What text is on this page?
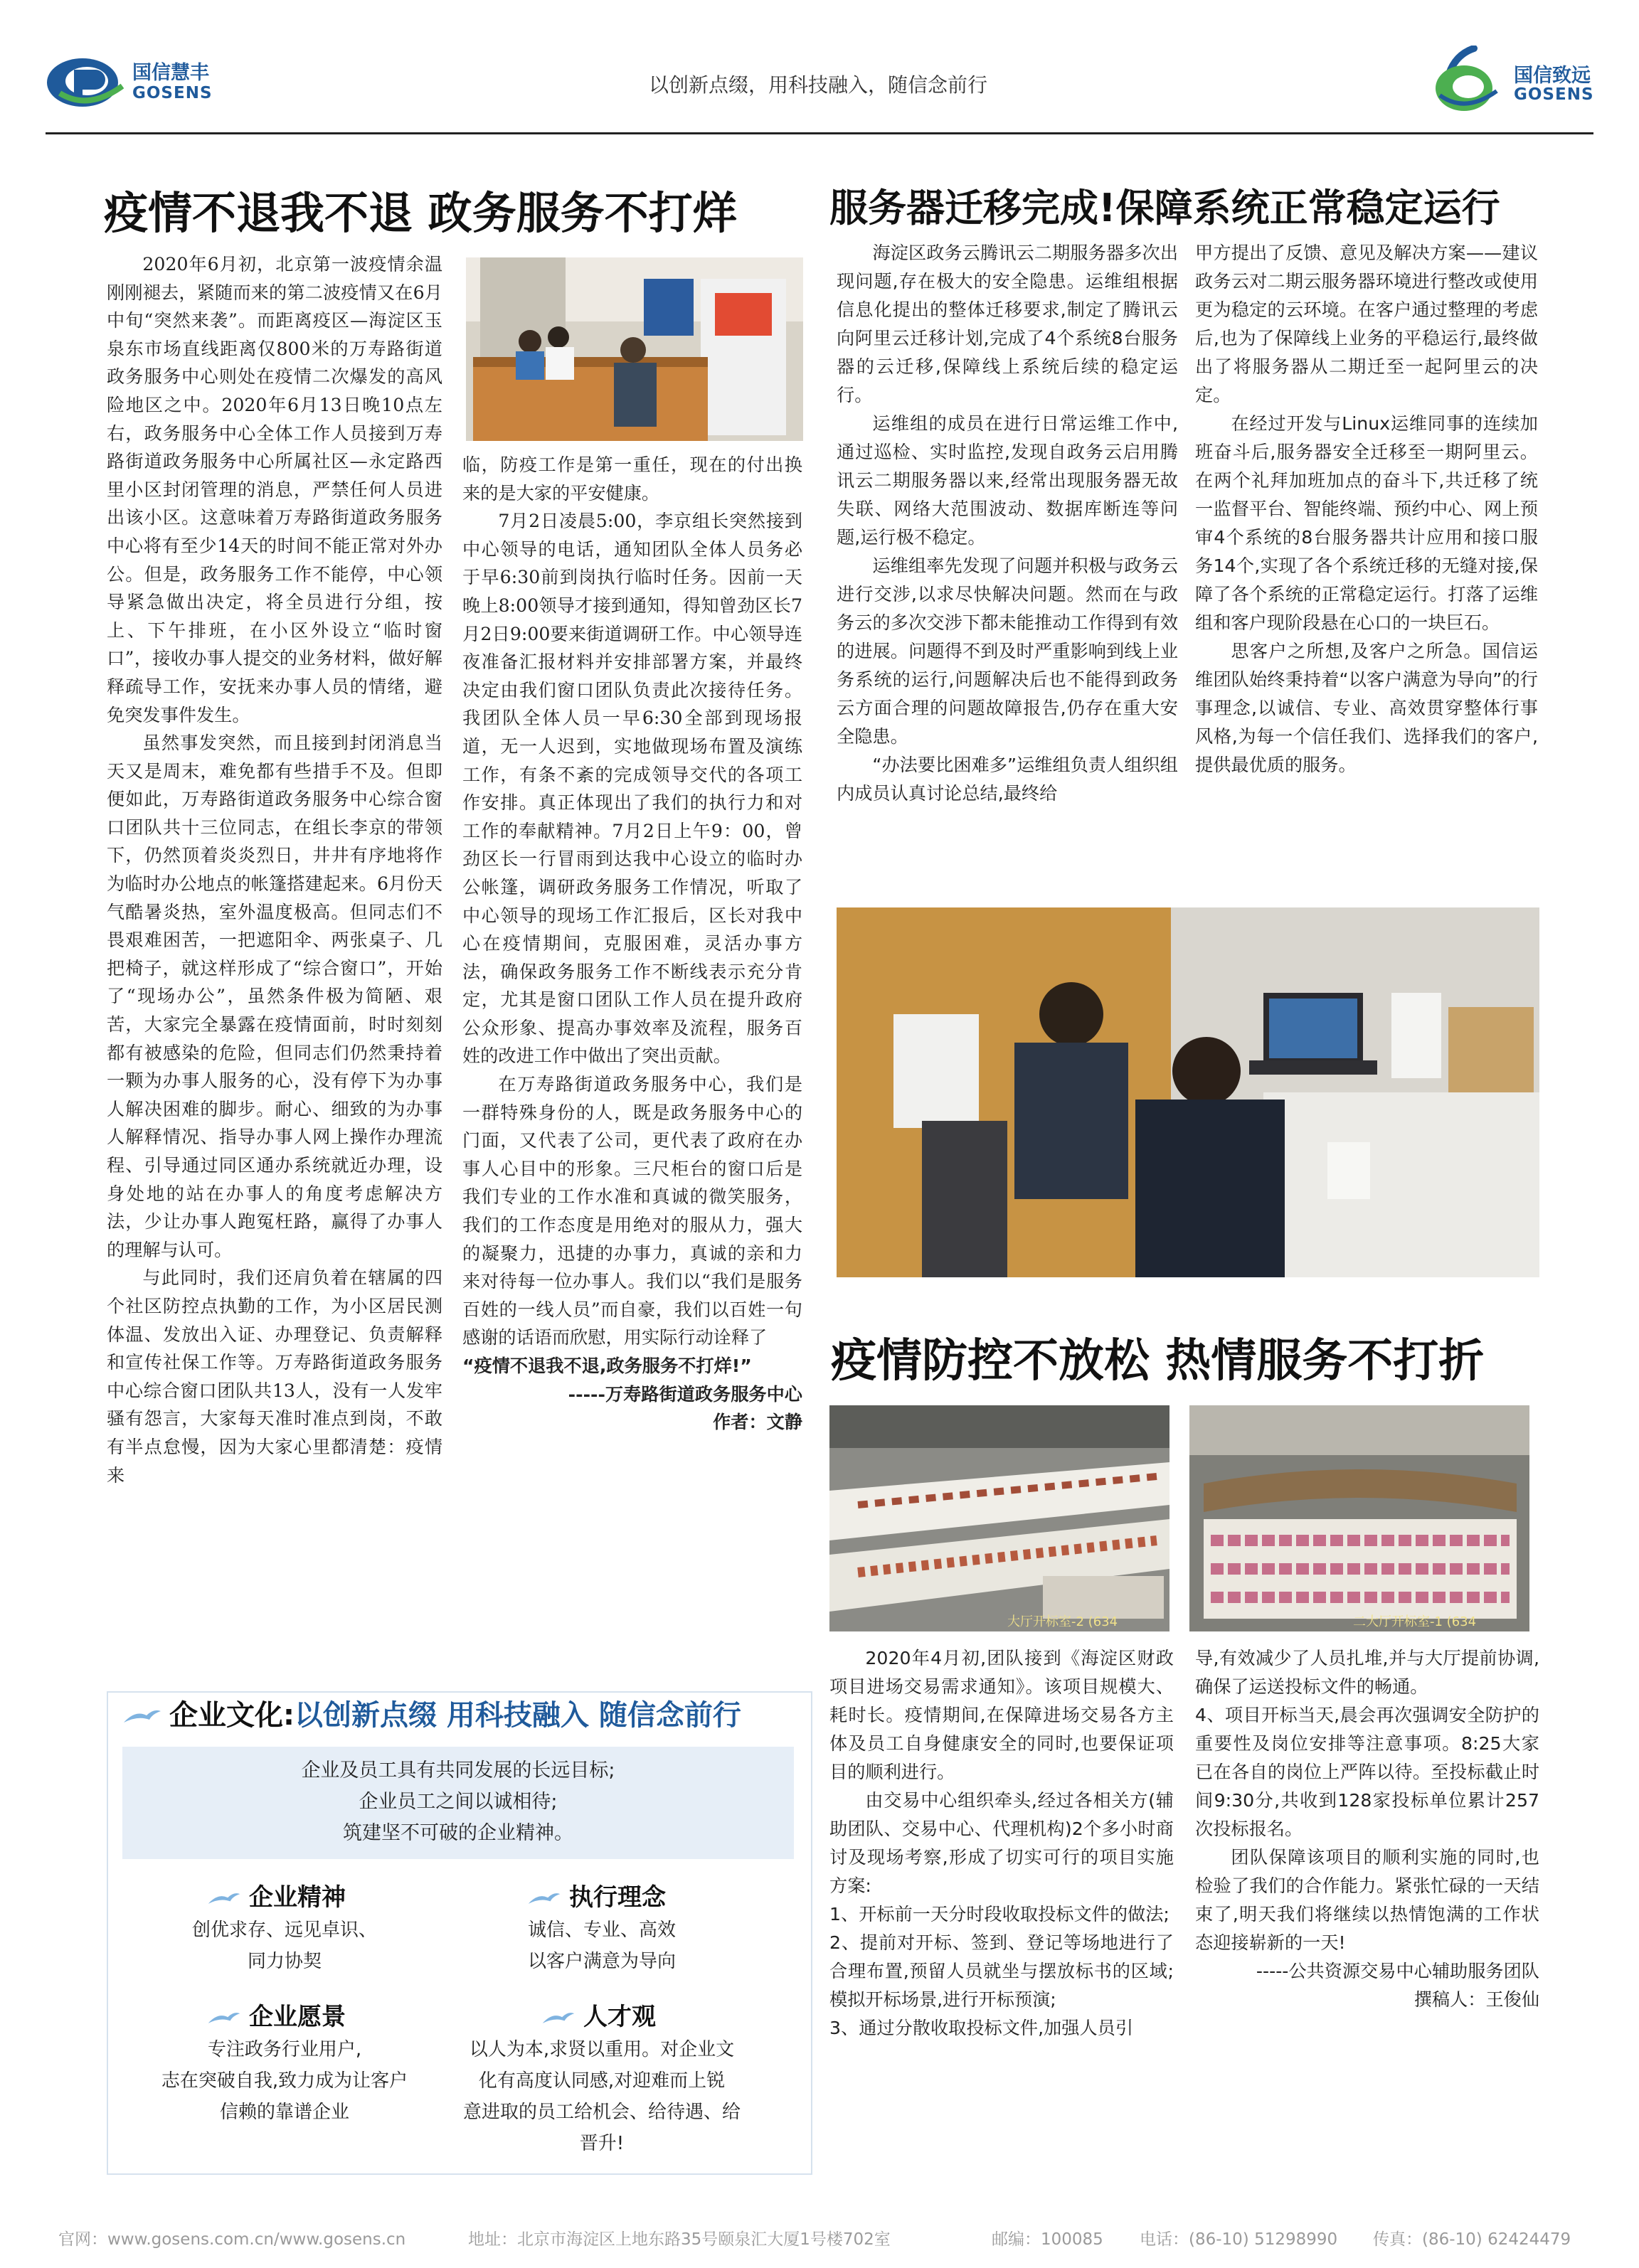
国信慧丰
GOSENS	以创新点缀，用科技融入，随信念前行	国信致远
GOSENS
疫情不退我不退 政务服务不打烊

2020年6月初，北京第一波疫情余温刚刚褪去，紧随而来的第二波疫情又在6月中旬“突然来袭”。而距离疫区—海淀区玉泉东市场直线距离仅800米的万寿路街道政务服务中心则处在疫情二次爆发的高风险地区之中。2020年6月13日晚10点左右，政务服务中心全体工作人员接到万寿路街道政务服务中心所属社区—永定路西里小区封闭管理的消息，严禁任何人员进出该小区。这意味着万寿路街道政务服务中心将有至少14天的时间不能正常对外办公。但是，政务服务工作不能停，中心领导紧急做出决定，将全员进行分组，按上、下午排班，在小区外设立“临时窗口”，接收办事人提交的业务材料，做好解释疏导工作，安抚来办事人员的情绪，避免突发事件发生。

虽然事发突然，而且接到封闭消息当天又是周末，难免都有些措手不及。但即便如此，万寿路街道政务服务中心综合窗口团队共十三位同志，在组长李京的带领下，仍然顶着炎炎烈日，井井有序地将作为临时办公地点的帐篷搭建起来。6月份天气酷暑炎热，室外温度极高。但同志们不畏艰难困苦，一把遮阳伞、两张桌子、几把椅子，就这样形成了“综合窗口”，开始了“现场办公”，虽然条件极为简陋、艰苦，大家完全暴露在疫情面前，时时刻刻都有被感染的危险，但同志们仍然秉持着一颗为办事人服务的心，没有停下为办事人解决困难的脚步。耐心、细致的为办事人解释情况、指导办事人网上操作办理流程、引导通过同区通办系统就近办理，设身处地的站在办事人的角度考虑解决方法，少让办事人跑冤枉路，赢得了办事人的理解与认可。

与此同时，我们还肩负着在辖属的四个社区防控点执勤的工作，为小区居民测体温、发放出入证、办理登记、负责解释和宣传社保工作等。万寿路街道政务服务中心综合窗口团队共13人，没有一人发牢骚有怨言，大家每天准时准点到岗，不敢有半点怠慢，因为大家心里都清楚：疫情来

临，防疫工作是第一重任，现在的付出换来的是大家的平安健康。

7月2日凌晨5:00，李京组长突然接到中心领导的电话，通知团队全体人员务必于早6:30前到岗执行临时任务。因前一天晚上8:00领导才接到通知，得知曾劲区长7月2日9:00要来街道调研工作。中心领导连夜准备汇报材料并安排部署方案，并最终决定由我们窗口团队负责此次接待任务。我团队全体人员一早6:30全部到现场报道，无一人迟到，实地做现场布置及演练工作，有条不紊的完成领导交代的各项工作安排。真正体现出了我们的执行力和对工作的奉献精神。7月2日上午9：00，曾劲区长一行冒雨到达我中心设立的临时办公帐篷，调研政务服务工作情况，听取了中心领导的现场工作汇报后，区长对我中心在疫情期间，克服困难，灵活办事方法，确保政务服务工作不断线表示充分肯定，尤其是窗口团队工作人员在提升政府公众形象、提高办事效率及流程，服务百姓的改进工作中做出了突出贡献。

在万寿路街道政务服务中心，我们是一群特殊身份的人，既是政务服务中心的门面，又代表了公司，更代表了政府在办事人心目中的形象。三尺柜台的窗口后是我们专业的工作水准和真诚的微笑服务，我们的工作态度是用绝对的服从力，强大的凝聚力，迅捷的办事力，真诚的亲和力来对待每一位办事人。我们以“我们是服务百姓的一线人员”而自豪，我们以百姓一句感谢的话语而欣慰，用实际行动诠释了

“疫情不退我不退,政务服务不打烊!”

-----万寿路街道政务服务中心

作者：文静

服务器迁移完成!保障系统正常稳定运行

海淀区政务云腾讯云二期服务器多次出现问题,存在极大的安全隐患。运维组根据信息化提出的整体迁移要求,制定了腾讯云向阿里云迁移计划,完成了4个系统8台服务器的云迁移,保障线上系统后续的稳定运行。

运维组的成员在进行日常运维工作中,通过巡检、实时监控,发现自政务云启用腾讯云二期服务器以来,经常出现服务器无故失联、网络大范围波动、数据库断连等问题,运行极不稳定。

运维组率先发现了问题并积极与政务云进行交涉,以求尽快解决问题。然而在与政务云的多次交涉下都未能推动工作得到有效的进展。问题得不到及时严重影响到线上业务系统的运行,问题解决后也不能得到政务云方面合理的问题故障报告,仍存在重大安全隐患。

“办法要比困难多”运维组负责人组织组内成员认真讨论总结,最终给

甲方提出了反馈、意见及解决方案——建议政务云对二期云服务器环境进行整改或使用更为稳定的云环境。在客户通过整理的考虑后,也为了保障线上业务的平稳运行,最终做出了将服务器从二期迁至一起阿里云的决定。

在经过开发与Linux运维同事的连续加班奋斗后,服务器安全迁移至一期阿里云。在两个礼拜加班加点的奋斗下,共迁移了统一监督平台、智能终端、预约中心、网上预审4个系统的8台服务器共计应用和接口服务14个,实现了各个系统迁移的无缝对接,保障了各个系统的正常稳定运行。打落了运维组和客户现阶段悬在心口的一块巨石。

思客户之所想,及客户之所急。国信运维团队始终秉持着“以客户满意为导向”的行事理念,以诚信、专业、高效贯穿整体行事风格,为每一个信任我们、选择我们的客户,提供最优质的服务。

疫情防控不放松 热情服务不打折
大厅开标室-2 (634	二大厅开标室-1 (634

2020年4月初,团队接到《海淀区财政项目进场交易需求通知》。该项目规模大、耗时长。疫情期间,在保障进场交易各方主体及员工自身健康安全的同时,也要保证项目的顺利进行。

由交易中心组织牵头,经过各相关方(辅助团队、交易中心、代理机构)2个多小时商讨及现场考察,形成了切实可行的项目实施方案:

1、开标前一天分时段收取投标文件的做法;

2、提前对开标、签到、登记等场地进行了合理布置,预留人员就坐与摆放标书的区域;模拟开标场景,进行开标预演;

3、通过分散收取投标文件,加强人员引

导,有效减少了人员扎堆,并与大厅提前协调,确保了运送投标文件的畅通。

4、项目开标当天,晨会再次强调安全防护的重要性及岗位安排等注意事项。8:25大家已在各自的岗位上严阵以待。至投标截止时间9:30分,共收到128家投标单位累计257次投标报名。

团队保障该项目的顺利实施的同时,也检验了我们的合作能力。紧张忙碌的一天结束了,明天我们将继续以热情饱满的工作状态迎接崭新的一天!

-----公共资源交易中心辅助服务团队

撰稿人：王俊仙

企业文化:以创新点缀 用科技融入 随信念前行
企业及员工具有共同发展的长远目标;
企业员工之间以诚相待;
筑建坚不可破的企业精神。
企业精神
创优求存、远见卓识、
同力协契
执行理念
诚信、专业、高效
以客户满意为导向
企业愿景
专注政务行业用户,
志在突破自我,致力成为让客户
信赖的靠谱企业
人才观
以人为本,求贤以重用。对企业文
化有高度认同感,对迎难而上锐
意进取的员工给机会、给待遇、给
晋升!
官网：www.gosens.com.cn/www.gosens.cn	地址：北京市海淀区上地东路35号颐泉汇大厦1号楼702室	邮编：100085 电话：(86-10) 51298990 传真：(86-10) 62424479
